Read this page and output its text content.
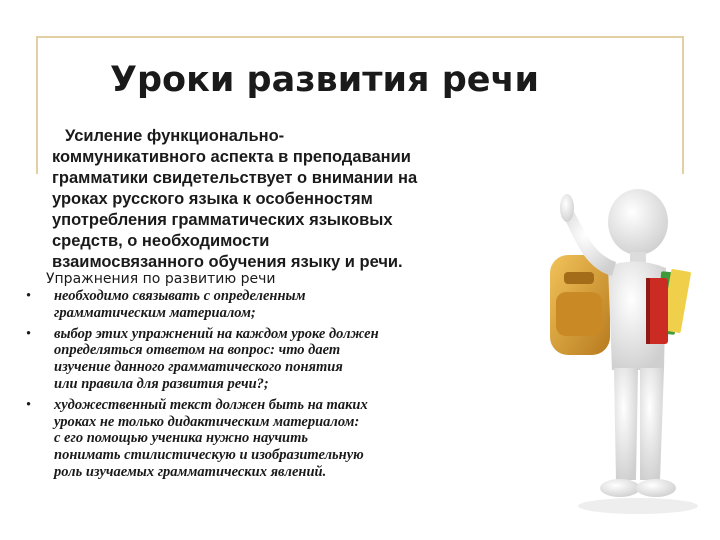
Уроки развития речи
Усиление функционально-
коммуникативного аспекта в преподавании
грамматики свидетельствует о внимании на
уроках русского языка к особенностям
употребления грамматических языковых
средств, о необходимости
взаимосвязанного обучения языку и речи.

Упражнения по развитию речи

• необходимо связывать с определенным
грамматическим материалом;
• выбор этих упражнений на каждом уроке должен
определяться ответом на вопрос: что дает
изучение данного грамматического понятия
или правила для развития речи?;
• художественный текст должен быть на таких
уроках не только дидактическим материалом:
с его помощью ученика нужно научить
понимать стилистическую и изобразительную
роль изучаемых грамматических явлений.
